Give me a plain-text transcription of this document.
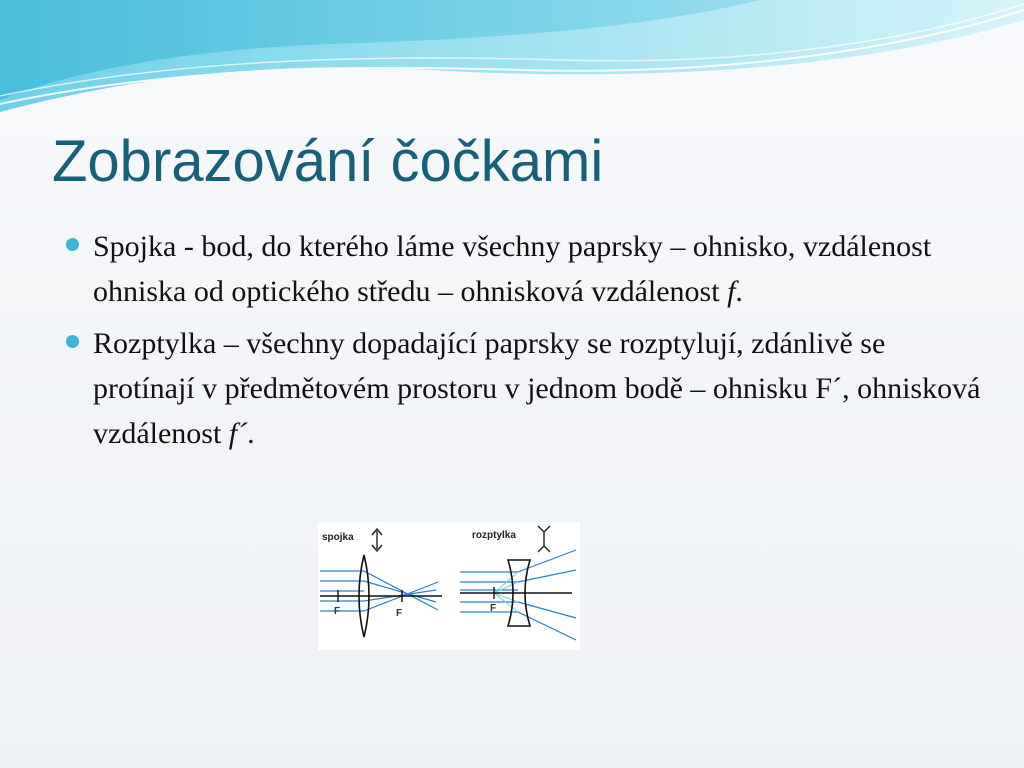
Zobrazování čočkami
Spojka - bod, do kterého láme všechny paprsky – ohnisko, vzdálenost ohniska od optického středu – ohnisková vzdálenost f.
Rozptylka – všechny dopadající paprsky se rozptylují, zdánlivě se protínají v předmětovém prostoru v jednom bodě – ohnisku F´, ohnisková vzdálenost f´.
spojka
F	F
rozptylka
F
